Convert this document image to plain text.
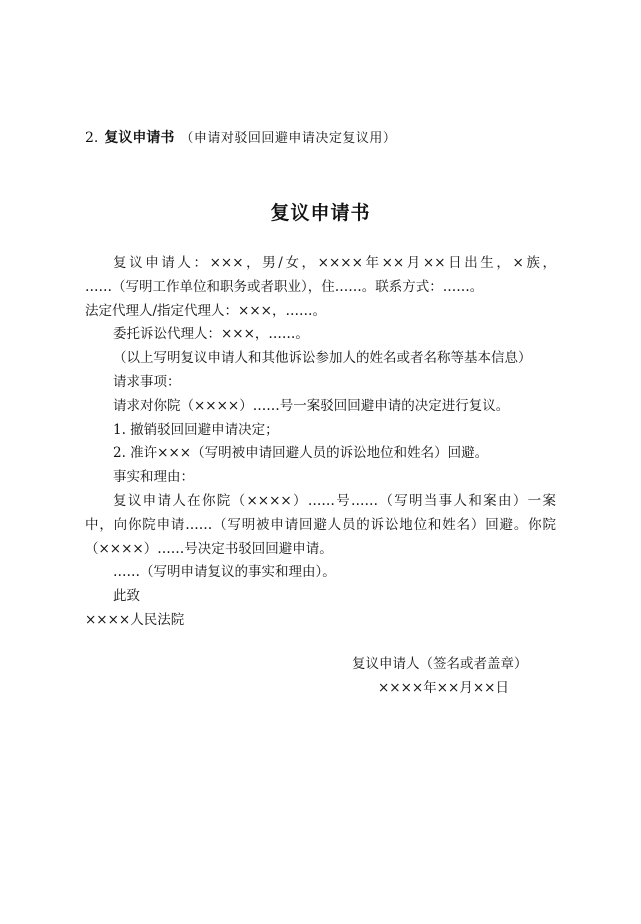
2. 复议申请书 （申请对驳回回避申请决定复议用）
复议申请书
复议申请人：×××，男/女，××××年××月××日出生，×族，
……（写明工作单位和职务或者职业），住……。联系方式：……。
法定代理人/指定代理人：×××，……。
委托诉讼代理人：×××，……。
（以上写明复议申请人和其他诉讼参加人的姓名或者名称等基本信息）
请求事项：
请求对你院（××××）……号一案驳回回避申请的决定进行复议。
1. 撤销驳回回避申请决定；
2. 准许×××（写明被申请回避人员的诉讼地位和姓名）回避。
事实和理由：
复议申请人在你院（××××）……号……（写明当事人和案由）一案
中，向你院申请……（写明被申请回避人员的诉讼地位和姓名）回避。你院
（××××）……号决定书驳回回避申请。
……（写明申请复议的事实和理由）。
此致
××××人民法院
复议申请人（签名或者盖章）
××××年××月××日
